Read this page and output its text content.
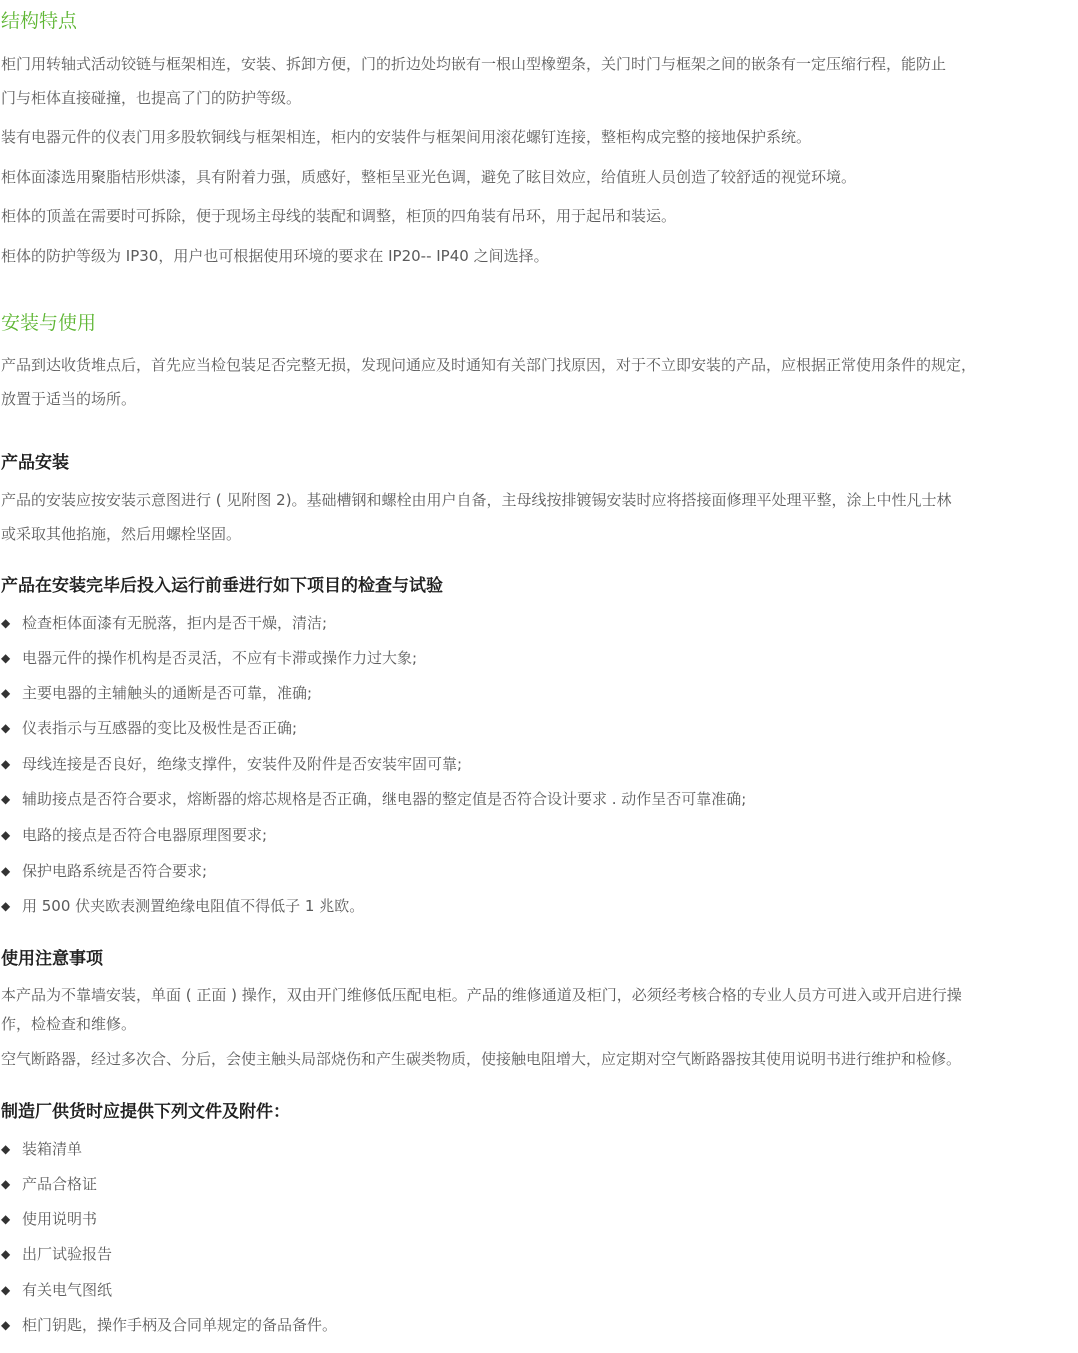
结构特点
柜门用转轴式活动铰链与框架相连，安装、拆卸方便，门的折边处均嵌有一根山型橡塑条，关门时门与框架之间的嵌条有一定压缩行程，能防止
门与柜体直接碰撞，也提高了门的防护等级。
装有电器元件的仪表门用多股软铜线与框架相连，柜内的安装件与框架间用滚花螺钉连接，整柜构成完整的接地保护系统。
柜体面漆选用聚脂桔形烘漆，具有附着力强，质感好，整柜呈亚光色调，避免了眩目效应，给值班人员创造了较舒适的视觉环境。
柜体的顶盖在需要时可拆除，便于现场主母线的装配和调整，柜顶的四角装有吊环，用于起吊和装运。
柜体的防护等级为 IP30，用户也可根据使用环境的要求在 IP20-- IP40 之间选择。
安装与使用
产品到达收货堆点后，首先应当检包装足否完整无损，发现问通应及时通知有关部门找原因，对于不立即安装的产品，应根据正常使用条件的规定，
放置于适当的场所。
产品安装
产品的安装应按安装示意图进行 ( 见附图 2)。基础槽钢和螺栓由用户自备，主母线按排镀锡安装时应将搭接面修理平处理平整，涂上中性凡士林
或采取其他掐施，然后用螺栓坚固。
产品在安装完毕后投入运行前垂进行如下项目的检查与试验
◆ 检查柜体面漆有无脱落，拒内是否干燥，清洁;
◆ 电器元件的操作机构是否灵活，不应有卡滞或操作力过大象;
◆ 主要电器的主辅触头的通断是否可靠，准确;
◆ 仪表指示与互感器的变比及极性是否正确;
◆ 母线连接是否良好，绝缘支撑件，安装件及附件是否安装牢固可靠;
◆ 辅助接点是否符合要求，熔断器的熔芯规格是否正确，继电器的整定值是否符合设计要求 . 动作呈否可靠准确;
◆ 电路的接点是否符合电器原理图要求;
◆ 保护电路系统是否符合要求;
◆ 用 500 伏夹欧表测置绝缘电阻值不得低子 1 兆欧。
使用注意事项
本产品为不靠墙安装，单面 ( 正面 ) 操作，双由开门维修低压配电柜。产品的维修通道及柜门，必须经考核合格的专业人员方可进入或开启进行操
作，检检查和维修。
空气断路器，经过多次合、分后，会使主触头局部烧伤和产生碳类物质，使接触电阻增大，应定期对空气断路器按其使用说明书进行维护和检修。
制造厂供货时应提供下列文件及附件：
◆ 装箱清单
◆ 产品合格证
◆ 使用说明书
◆ 出厂试验报告
◆ 有关电气图纸
◆ 柜门钥匙，操作手柄及合同单规定的备品备件。
